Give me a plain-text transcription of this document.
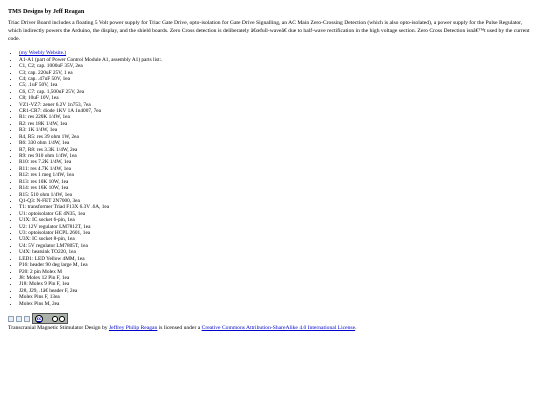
TMS Designs by Jeff Reagan

Triac Driver Board includes a floating 5 Volt power supply for Triac Gate Drive, opto-isolation for Gate Drive Signalling, an AC Main Zero-Crossing Detection (which is also opto-isolated), a power supply for the Pulse Regulator, which indirectly powers the Arduino, the display, and the shield boards. Zero Cross detection is deliberately â€œfull-waveâ€ due to half-wave rectification in the high voltage section. Zero Cross Detection isnâ€™t used by the current code.

• (my Weebly Website.)
• A1-A1 (part of Power Control Module A1, assembly A1) parts list:.
• C1, C2; cap. 1000uF 35V, 2ea
• C3; cap. 220uF 25V, 1 ea
• C4; cap. .47uF 50V, 1ea
• C5; .1uF 50V, 1ea
• C6, C7: cap. 1,500uF 25V, 2ea
• C8; 10uF 10V, 1ea
• VZ1-VZ7: zener 6.2V 1n753, 7ea
• CR1-CR7: diode 1KV 1A 1n4007, 7ea
• R1: res 220K 1/4W, 1ea
• R2: res 18K 1/4W, 1ea
• R3: 1K 1/4W, 1ea
• R4, R5: res 39 ohm 1W, 2ea
• R6: 330 ohm 1/4W, 1ea
• R7, R8: res 3.3K 1/4W, 2ea
• R9: res 910 ohm 1/4W, 1ea
• R10: res 7.2K 1/4W, 1ea
• R11: res 4.7K 1/4W, 1ea
• R12: res 1 meg 1/4W, 1ea
• R13: res 10K 10W, 1ea
• R14: res 16K 10W, 1ea
• R15: 510 ohm 1/4W, 1ea
• Q1-Q3: N-FET 2N7000, 3ea
• T1: transformer Triad F13X 6.3V .6A, 1ea
• U1: optoisolator GE 4N35, 1ea
• U1X: IC socket 6-pin, 1ea
• U2: 12V regulator LM7812T, 1ea
• U3: optoisolator HCPL 2601, 1ea
• U3X: IC socket 8-pin, 1ea
• U4: 5V regulator LM7805T, 1ea
• U4X: heatsink TO220, 1ea
• LED1: LED Yellow 4MM, 1ea
• P16: header 90 deg large M, 1ea
• P20: 2 pin Molex M
• J8: Molex 12 Pin F, 1ea
• J18: Molex 9 Pin F, 1ea
• J28, J29, .1â€ header F, 2ea
• Molex Pins F, 13ea
• Molex Pins M, 2ea
cc
Transcranial Magnetic Stimulator Design by Jeffrey Philip Reagan is licensed under a Creative Commons Attribution-ShareAlike 4.0 International License.
